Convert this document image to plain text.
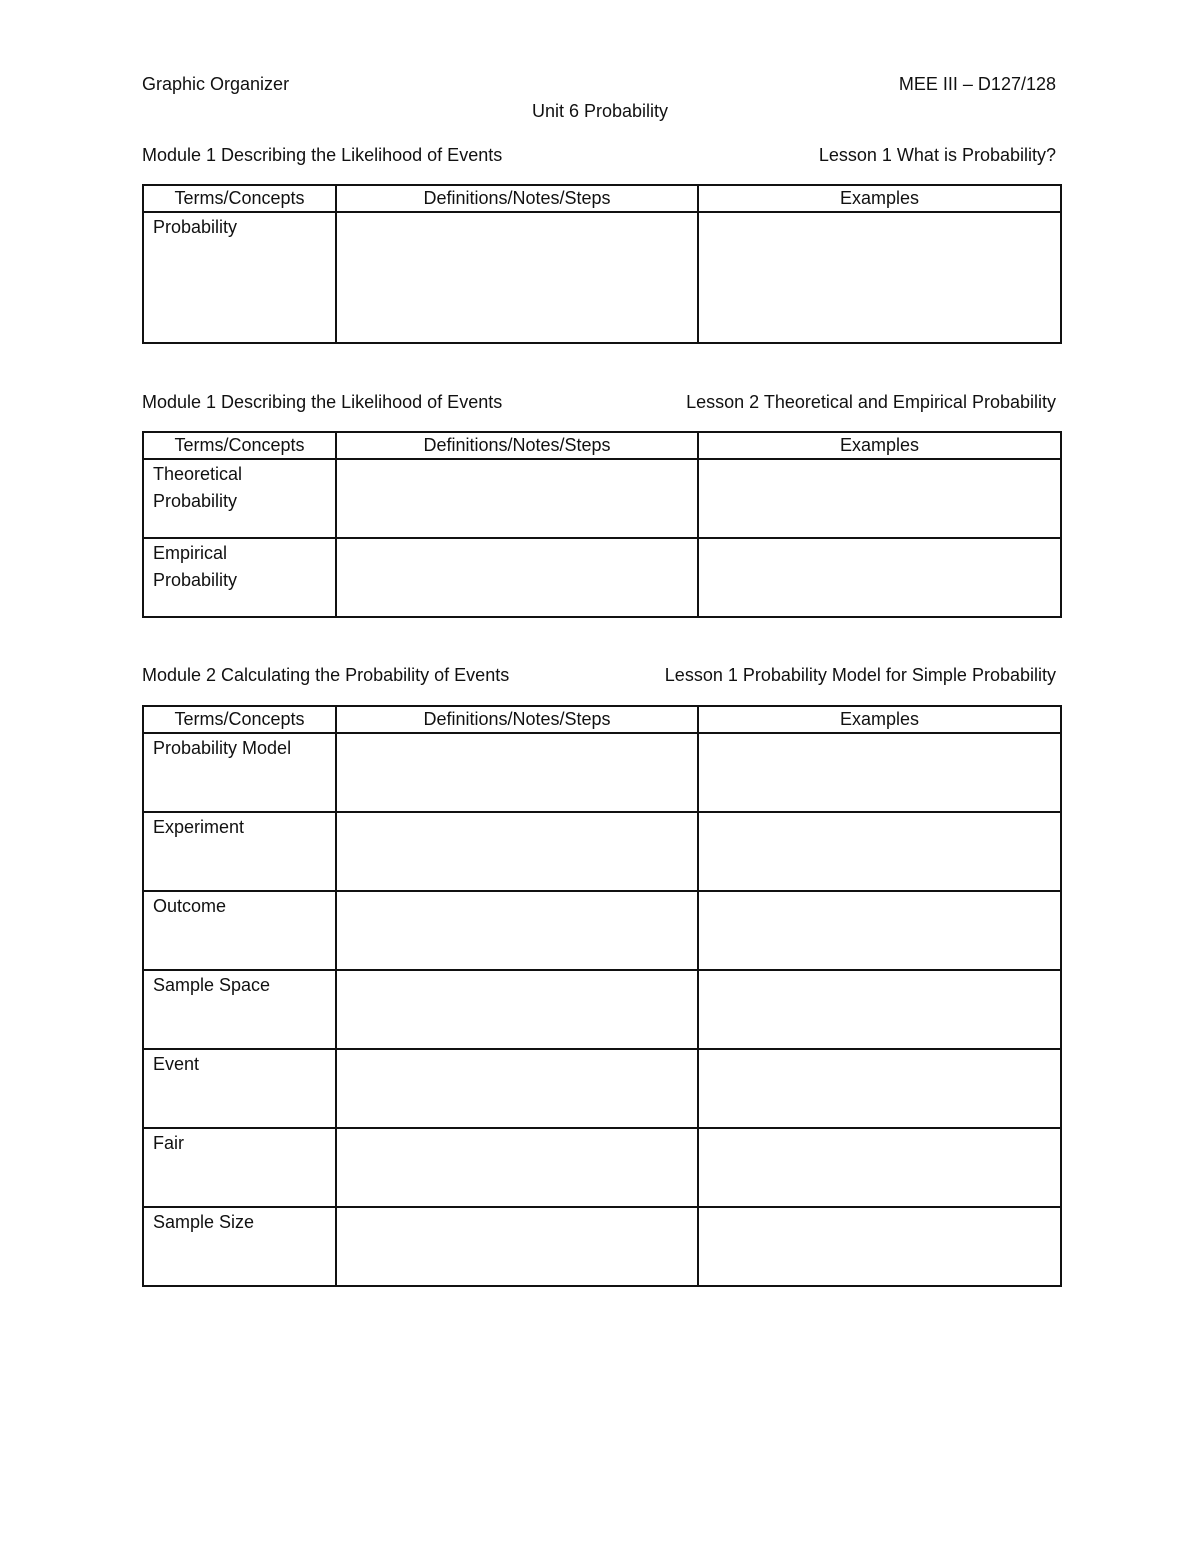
Graphic Organizer	MEE III – D127/128
Unit 6 Probability
Module 1 Describing the Likelihood of Events	Lesson 1 What is Probability?
Terms/Concepts	Definitions/Notes/Steps	Examples
Probability		
Module 1 Describing the Likelihood of Events	Lesson 2 Theoretical and Empirical Probability
Terms/Concepts	Definitions/Notes/Steps	Examples

Theoretical Probability		

Empirical Probability		

Module 2 Calculating the Probability of Events	Lesson 1 Probability Model for Simple Probability
Terms/Concepts	Definitions/Notes/Steps	Examples
Probability Model		
Experiment		
Outcome		
Sample Space		
Event		
Fair		
Sample Size		
